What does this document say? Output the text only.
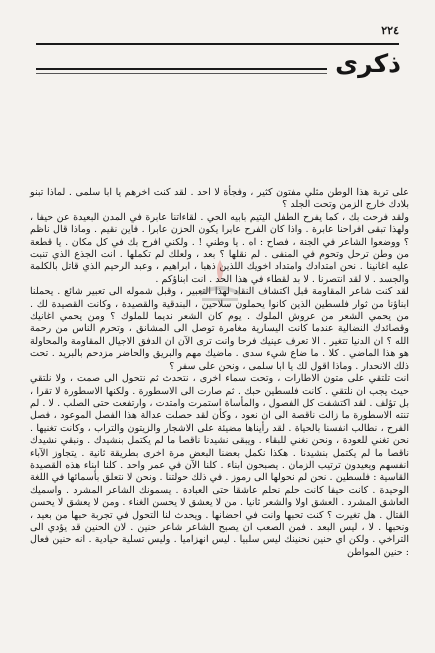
٢٢٤
ذكرى

على تربة هذا الوطن مثلي مفتون كثير ، وفجأة لا احد . لقد كنت اخرهم يا ابا سلمى . لماذا تبنو بلادك خارج الزمن وتحت الجلد ؟

ولقد فرحت بك ، كما يفرح الطفل اليتيم بابيه الحي . لقاءاتنا عابرة في المدن البعيدة عن حيفا ، ولهذا تبقى افراحنا عابرة . واذا كان الفرح عابرا يكون الحزن عابرا . فاين نقيم . وماذا قال ناظم ؟ ووضعوا الشاعر في الجنة ، فصاح : اه . يا وطني ! . ولكني افرح بك في كل مكان . يا قطعة من وطن ترحل وتحوم في المنفى . لم نقلها ؟ بعد ، ولعلك لم تكملها . انت الجذع الذي تنبت عليه اغانينا . نحن امتدادك وامتداد اخويك اللذين ذهبا ، ابراهيم ، وعبد الرحيم الذي قاتل بالكلمة والجسد . لا لقد انتصرنا . لا بد لقطاء في هذا الحد . انت ابناؤكم .

لقد كنت شاعر المقاومة قبل اكتشاف النقاد لهذا التعبير ، وقبل شموله الى تعبير شائع . يحملنا ابناؤنا من ثوار فلسطين الذين كانوا يحملون سلاحين ، البندقية والقصيدة ، وكانت القصيدة لك . من يحمي الشعر من عروش الملوك . يوم كان الشعر نديما للملوك ؟ ومن يحمي اغانيك وقصائدك النضالية عندما كانت اليسارية مغامرة توصل الى المشانق ، وتحرم الناس من رحمة الله ؟ ان الدنيا تتغير . الا تعرف عينيك فرحا وانت ترى الآن ان الدفق الاجيال المقاومة والمحاولة هو هذا الماضي . كلا . ما ضاع شيء سدى . ماضيك مهم والبريق والحاضر مزدحم بالبريد . تحت ذلك الانحدار . وماذا اقول لك يا ابا سلمى ، ونحن على سفر ؟

انت تلتقي على متون الاطارات ، وتحت سماء اخرى ، نتحدث ثم نتحول الى صمت ، ولا نلتقي حيث يجب ان نلتقي . كانت فلسطين حبك . ثم صارت الى الاسطورة . ولكنها الاسطورة لا تقرا ، بل تؤلف . لقد اكتشفت كل الفصول ، والمأساة استمرت وامتدت ، وارتفعت حتى الصلب . لا . لم تنته الاسطورة ما زالت ناقصة الى ان نعود ، وكأن لقد حصلت عدالة هذا الفصل الموعود ، فصل الفرح ، نطالب انفسنا بالحياة . لقد رأيناها مضيئة على الاشجار والزيتون والتراب ، وكانت تغنيها . نحن تغني للعودة ، ونحن نغني للبقاء . ويبقى نشيدنا ناقصا ما لم يكتمل بنشيدك . ونبقي نشيدك ناقصا ما لم يكتمل بنشيدنا . هكذا نكمل بعضنا البعض مرة اخرى بطريقة ثانية . يتجاوز الآباء انفسهم ويعيدون ترتيب الزمان . يصبحون ابناء . كلنا الآن في عمر واحد . كلنا ابناء هذه القصيدة القاسية : فلسطين . نحن لم نحولها الى رموز . في ذلك حولتنا . ونحن لا نتعلق بأسمائها في اللغة الوحيدة . كانت حيفا كانت حلم نحلم عاشقا حتى العبادة . يسمونك الشاعر المشرد . واسميك العاشق المشرد . العشق اولا والشعر ثانيا . من لا يعشق لا يحسن الغناء . ومن لا يعشق لا يحسن القتال . هل تغيرت ؟ كنت تحبها وانت في احضانها . ويحدث لنا التحول في تجربة حبها من بعيد ، ونحبها . لا ، ليس البعد . فمن الصعب ان يصبح الشاعر شاعر حنين . لان الحنين قد يؤدي الى التراخي . ولكن اي حنين نحنينك ليس سلبيا . ليس انهزاميا . وليس تسلية حيادية . انه حنين فعال : حنين المواطن
